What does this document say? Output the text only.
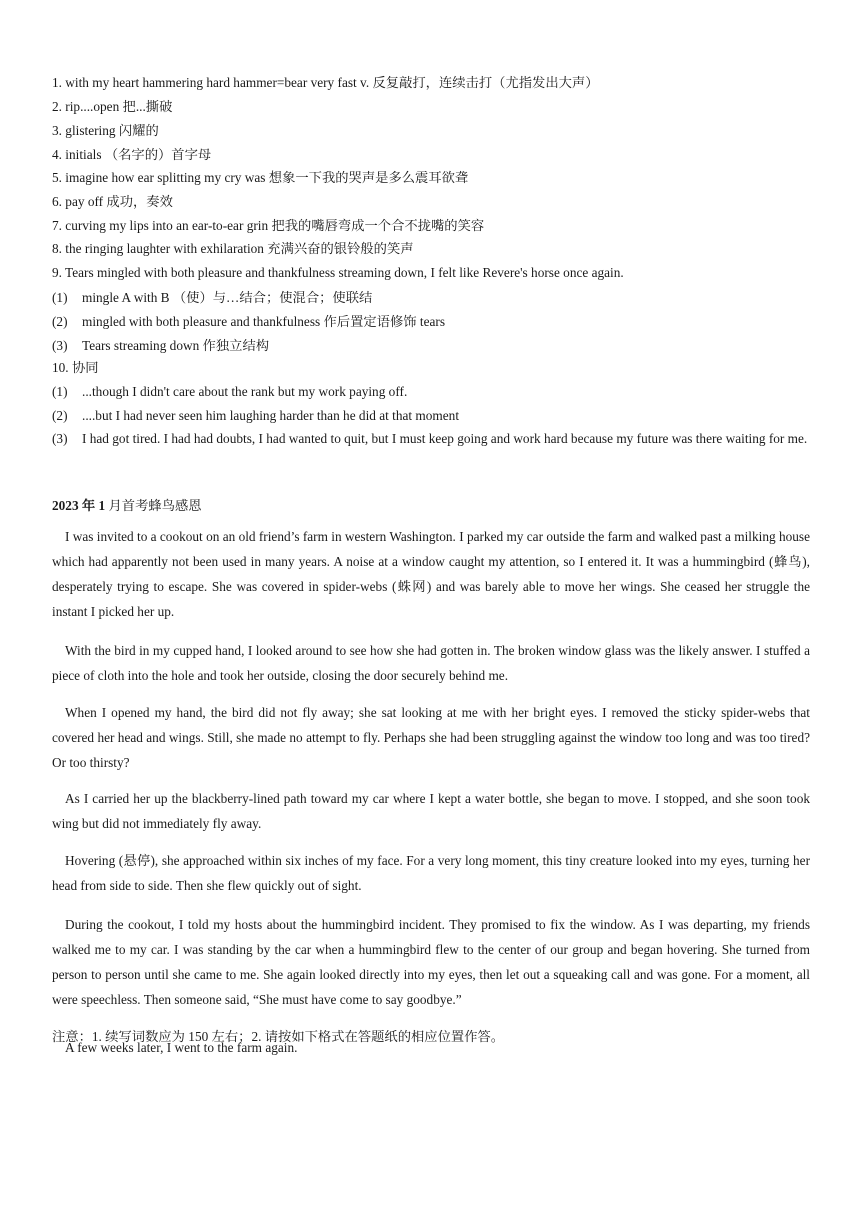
1. with my heart hammering hard hammer=bear very fast v. 反复敲打，连续击打（尤指发出大声）
2. rip....open 把...撕破
3. glistering 闪耀的
4. initials （名字的）首字母
5. imagine how ear splitting my cry was 想象一下我的哭声是多么震耳欲聋
6. pay off 成功，奏效
7. curving my lips into an ear-to-ear grin 把我的嘴唇弯成一个合不拢嘴的笑容
8. the ringing laughter with exhilaration 充满兴奋的银铃般的笑声
9. Tears mingled with both pleasure and thankfulness streaming down, I felt like Revere's horse once again.
(1)	mingle A with B （使）与…结合；使混合；使联结
(2)	mingled with both pleasure and thankfulness 作后置定语修饰 tears
(3)	Tears streaming down 作独立结构
10. 协同
(1)	...though I didn't care about the rank but my work paying off.
(2)	....but I had never seen him laughing harder than he did at that moment
(3)	I had got tired. I had had doubts, I had wanted to quit, but I must keep going and work hard because my future was there waiting for me.
2023 年 1 月首考蜂鸟感恩
I was invited to a cookout on an old friend’s farm in western Washington. I parked my car outside the farm and walked past a milking house which had apparently not been used in many years. A noise at a window caught my attention, so I entered it. It was a hummingbird (蜂鸟), desperately trying to escape. She was covered in spider-webs (蛛网) and was barely able to move her wings. She ceased her struggle the instant I picked her up.
With the bird in my cupped hand, I looked around to see how she had gotten in. The broken window glass was the likely answer. I stuffed a piece of cloth into the hole and took her outside, closing the door securely behind me.
When I opened my hand, the bird did not fly away; she sat looking at me with her bright eyes. I removed the sticky spider-webs that covered her head and wings. Still, she made no attempt to fly. Perhaps she had been struggling against the window too long and was too tired? Or too thirsty?
As I carried her up the blackberry-lined path toward my car where I kept a water bottle, she began to move. I stopped, and she soon took wing but did not immediately fly away.
Hovering (悬停), she approached within six inches of my face. For a very long moment, this tiny creature looked into my eyes, turning her head from side to side. Then she flew quickly out of sight.
During the cookout, I told my hosts about the hummingbird incident. They promised to fix the window. As I was departing, my friends walked me to my car. I was standing by the car when a hummingbird flew to the center of our group and began hovering. She turned from person to person until she came to me. She again looked directly into my eyes, then let out a squeaking call and was gone. For a moment, all were speechless. Then someone said, “She must have come to say goodbye.”
注意：1. 续写词数应为 150 左右；2. 请按如下格式在答题纸的相应位置作答。
A few weeks later, I went to the farm again.
